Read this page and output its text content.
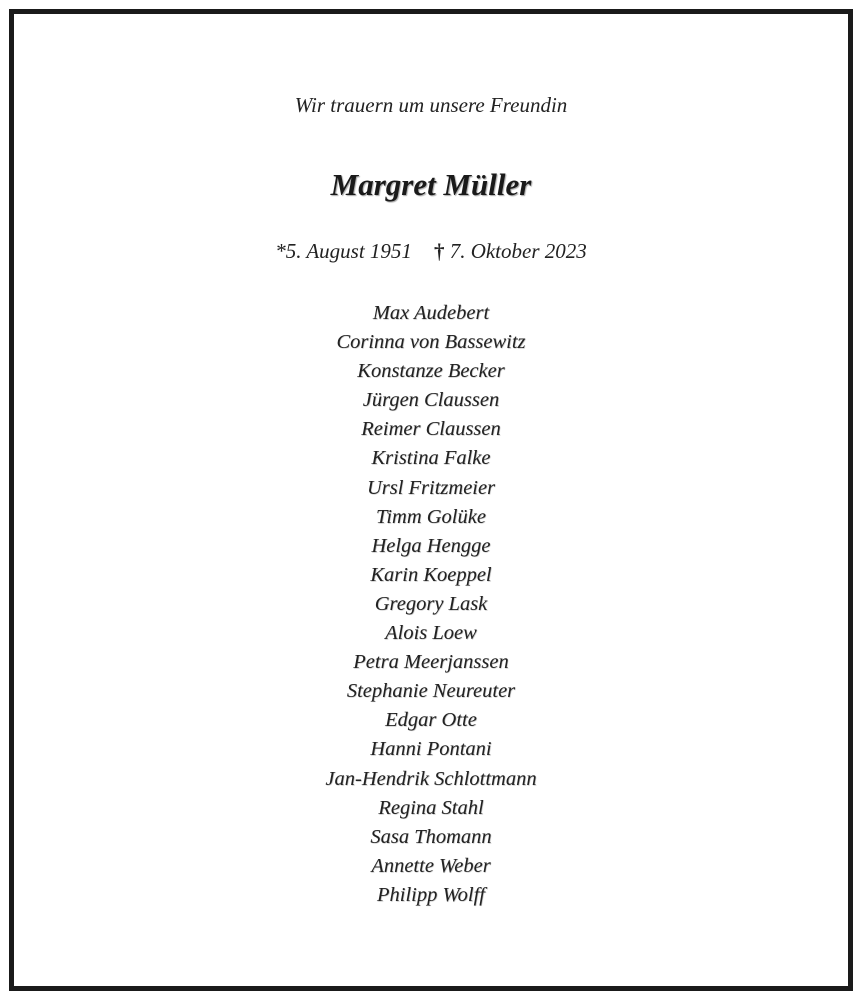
Wir trauern um unsere Freundin
Margret Müller
*5. August 1951 † 7. Oktober 2023
Max Audebert
Corinna von Bassewitz
Konstanze Becker
Jürgen Claussen
Reimer Claussen
Kristina Falke
Ursl Fritzmeier
Timm Golüke
Helga Hengge
Karin Koeppel
Gregory Lask
Alois Loew
Petra Meerjanssen
Stephanie Neureuter
Edgar Otte
Hanni Pontani
Jan-Hendrik Schlottmann
Regina Stahl
Sasa Thomann
Annette Weber
Philipp Wolff
